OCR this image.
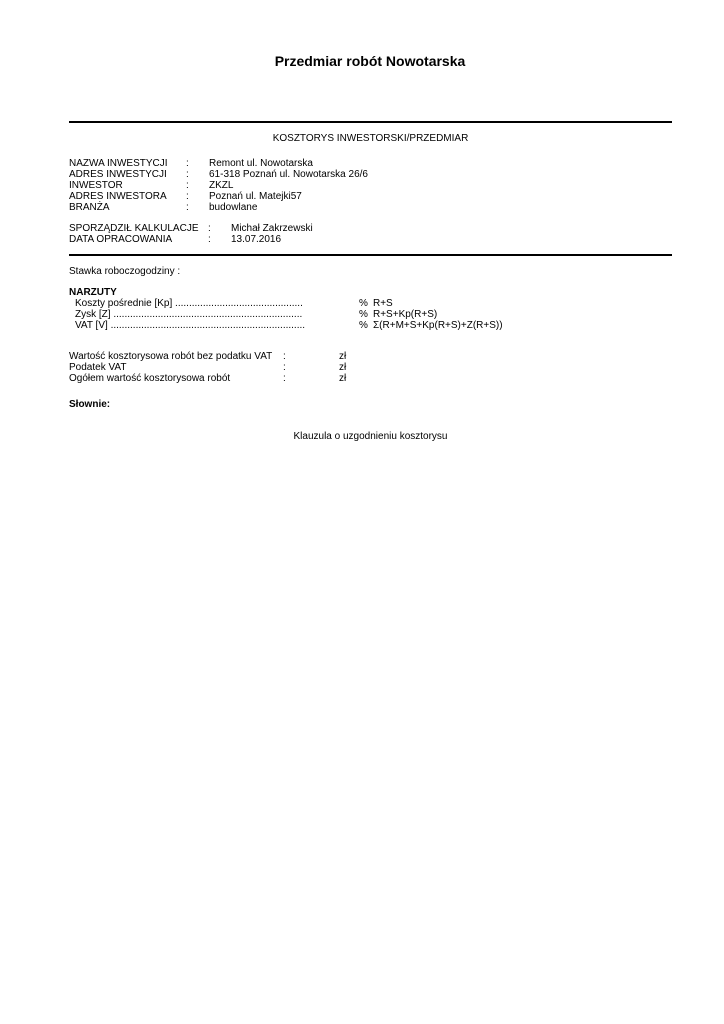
Przedmiar robót Nowotarska
KOSZTORYS INWESTORSKI/PRZEDMIAR
NAZWA INWESTYCJI : Remont ul. Nowotarska
ADRES INWESTYCJI : 61-318 Poznań ul. Nowotarska 26/6
INWESTOR	: ZKZL
ADRES INWESTORA : Poznań ul. Matejki57
BRANŻA	: budowlane
SPORZĄDZIŁ KALKULACJE : Michał Zakrzewski
DATA OPRACOWANIA	: 13.07.2016
Stawka roboczogodziny :
NARZUTY
Koszty pośrednie [Kp] ..............................................	% R+S
Zysk [Z] ....................................................................	% R+S+Kp(R+S)
VAT [V] ......................................................................	% Σ(R+M+S+Kp(R+S)+Z(R+S))
Wartość kosztorysowa robót bez podatku VAT :	zł
Podatek VAT	:	zł
Ogółem wartość kosztorysowa robót	:	zł
Słownie:
Klauzula o uzgodnieniu kosztorysu
